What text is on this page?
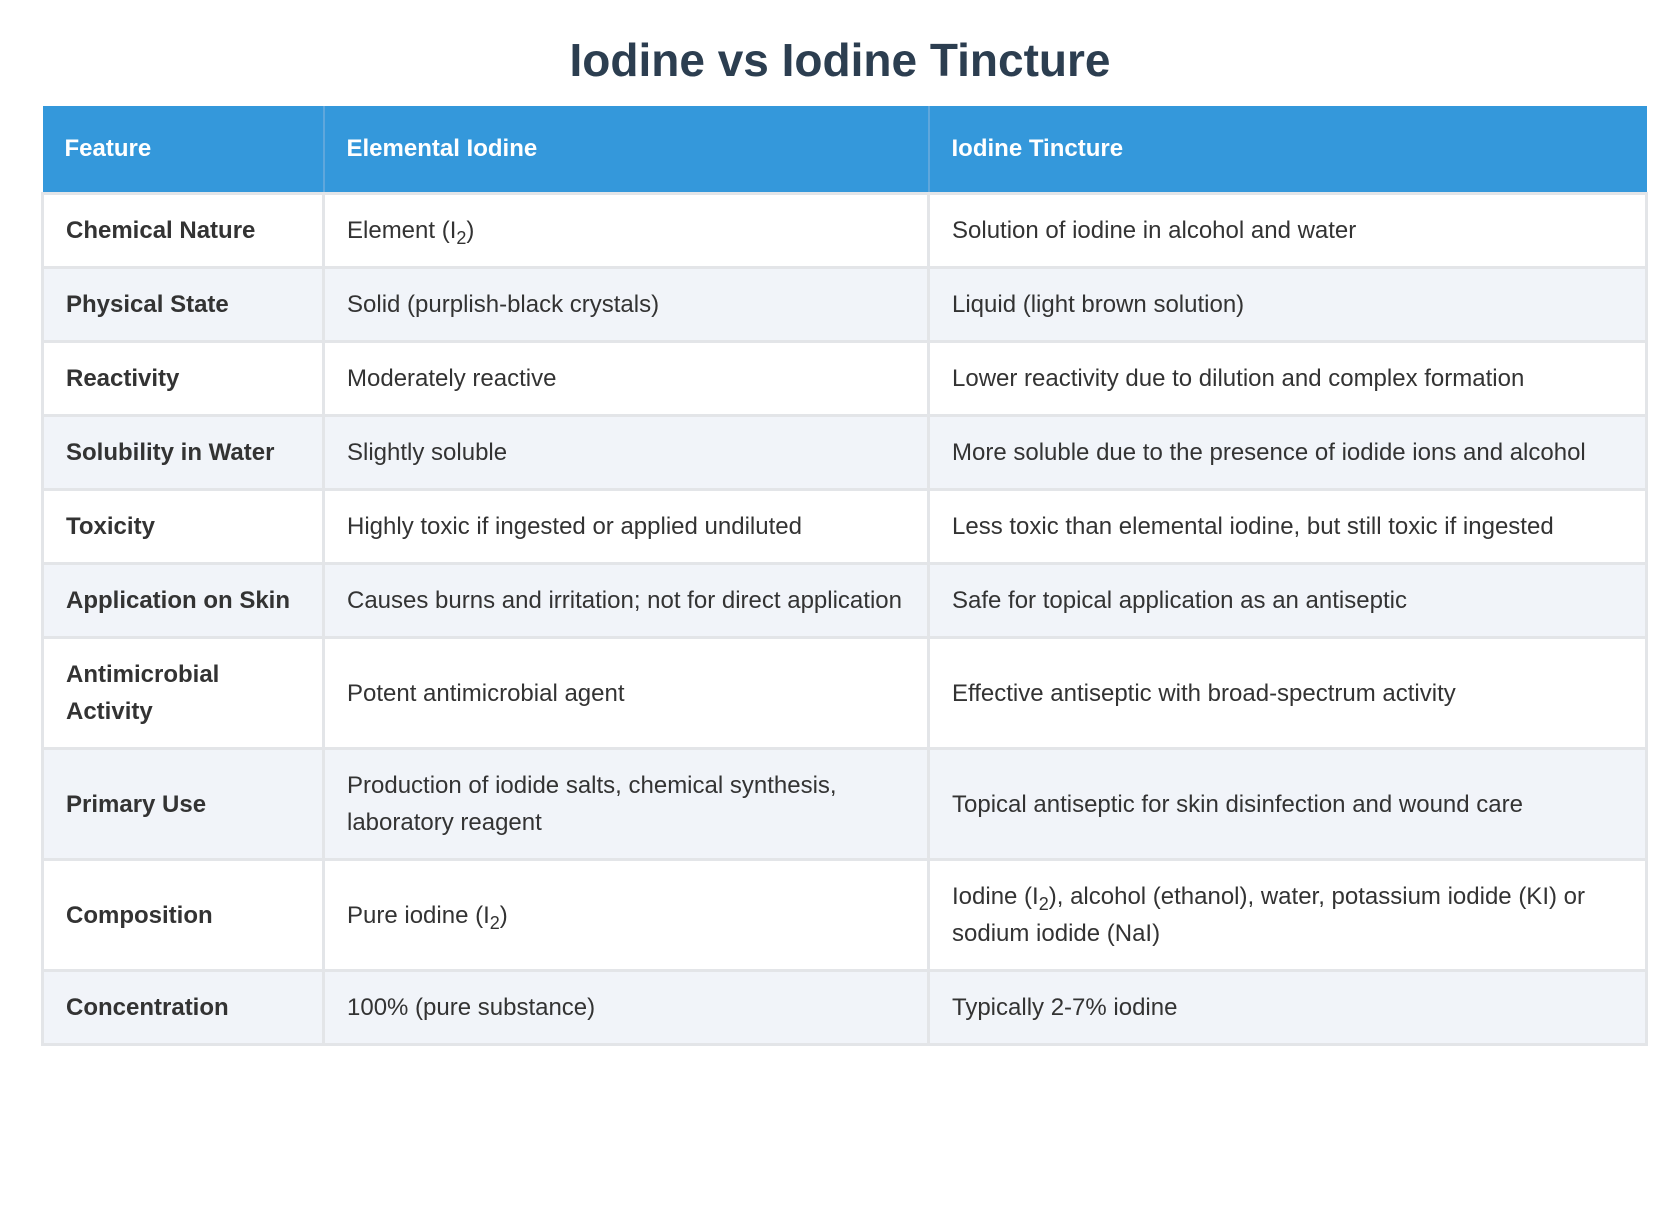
Iodine vs Iodine Tincture
Feature	Elemental Iodine	Iodine Tincture
Chemical Nature	Element $(I_2)$	Solution of iodine in alcohol and water
Physical State	Solid (purplish-black crystals)	Liquid (light brown solution)
Reactivity	Moderately reactive	Lower reactivity due to dilution and complex formation
Solubility in Water	Slightly soluble	More soluble due to the presence of iodide ions and alcohol
Toxicity	Highly toxic if ingested or applied undiluted	Less toxic than elemental iodine, but still toxic if ingested
Application on Skin	Causes burns and irritation; not for direct application	Safe for topical application as an antiseptic
Antimicrobial Activity	Potent antimicrobial agent	Effective antiseptic with broad-spectrum activity
Primary Use	Production of iodide salts, chemical synthesis, laboratory reagent	Topical antiseptic for skin disinfection and wound care
Composition	Pure iodine $(I_2)$	Iodine $(I_2)$, alcohol (ethanol), water, potassium iodide (KI) or sodium iodide (NaI)
Concentration	100% (pure substance)	Typically 2-7% iodine
